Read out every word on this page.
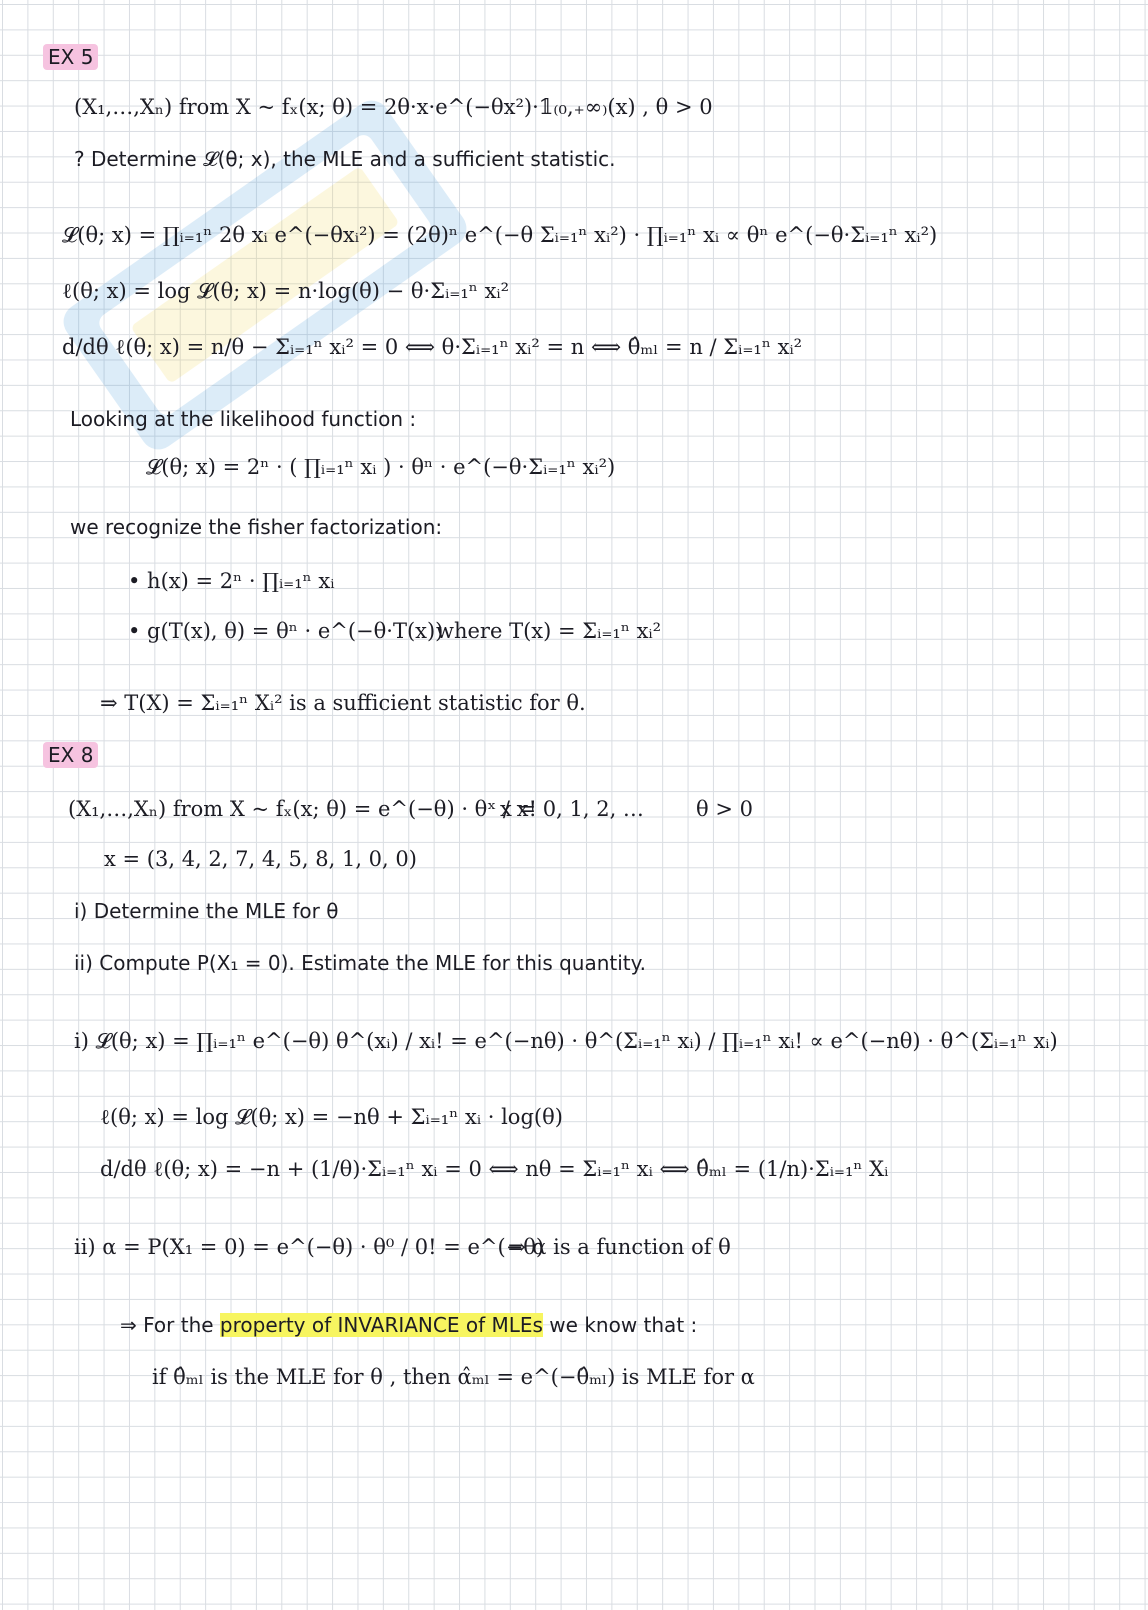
EX 5
(X₁,…,Xₙ) from X ~ fₓ(x; θ) = 2θ·x·e^(−θx²)·𝟙₍₀,₊∞₎(x) , θ > 0
? Determine 𝓛(θ; x), the MLE and a sufficient statistic.
𝓛(θ; x) = ∏ᵢ₌₁ⁿ 2θ xᵢ e^(−θxᵢ²) = (2θ)ⁿ e^(−θ Σᵢ₌₁ⁿ xᵢ²) · ∏ᵢ₌₁ⁿ xᵢ ∝ θⁿ e^(−θ·Σᵢ₌₁ⁿ xᵢ²)
ℓ(θ; x) = log 𝓛(θ; x) = n·log(θ) − θ·Σᵢ₌₁ⁿ xᵢ²
d/dθ ℓ(θ; x) = n/θ − Σᵢ₌₁ⁿ xᵢ² = 0 ⟺ θ·Σᵢ₌₁ⁿ xᵢ² = n ⟺ θ̂ₘₗ = n / Σᵢ₌₁ⁿ xᵢ²
Looking at the likelihood function :
𝓛(θ; x) = 2ⁿ · ( ∏ᵢ₌₁ⁿ xᵢ ) · θⁿ · e^(−θ·Σᵢ₌₁ⁿ xᵢ²)
we recognize the fisher factorization:
• h(x) = 2ⁿ · ∏ᵢ₌₁ⁿ xᵢ
• g(T(x), θ) = θⁿ · e^(−θ·T(x))
where T(x) = Σᵢ₌₁ⁿ xᵢ²
⇒ T(X) = Σᵢ₌₁ⁿ Xᵢ² is a sufficient statistic for θ.
EX 8
(X₁,…,Xₙ) from X ~ fₓ(x; θ) = e^(−θ) · θˣ / x!
x = 0, 1, 2, … θ > 0
x = (3, 4, 2, 7, 4, 5, 8, 1, 0, 0)
i) Determine the MLE for θ
ii) Compute P(X₁ = 0). Estimate the MLE for this quantity.
i) 𝓛(θ; x) = ∏ᵢ₌₁ⁿ e^(−θ) θ^(xᵢ) / xᵢ! = e^(−nθ) · θ^(Σᵢ₌₁ⁿ xᵢ) / ∏ᵢ₌₁ⁿ xᵢ! ∝ e^(−nθ) · θ^(Σᵢ₌₁ⁿ xᵢ)
ℓ(θ; x) = log 𝓛(θ; x) = −nθ + Σᵢ₌₁ⁿ xᵢ · log(θ)
d/dθ ℓ(θ; x) = −n + (1/θ)·Σᵢ₌₁ⁿ xᵢ = 0 ⟺ nθ = Σᵢ₌₁ⁿ xᵢ ⟺ θ̂ₘₗ = (1/n)·Σᵢ₌₁ⁿ Xᵢ
ii) α = P(X₁ = 0) = e^(−θ) · θ⁰ / 0! = e^(−θ)
⇒ α is a function of θ
⇒ For the property of INVARIANCE of MLEs we know that :
if θ̂ₘₗ is the MLE for θ , then α̂ₘₗ = e^(−θ̂ₘₗ) is MLE for α
